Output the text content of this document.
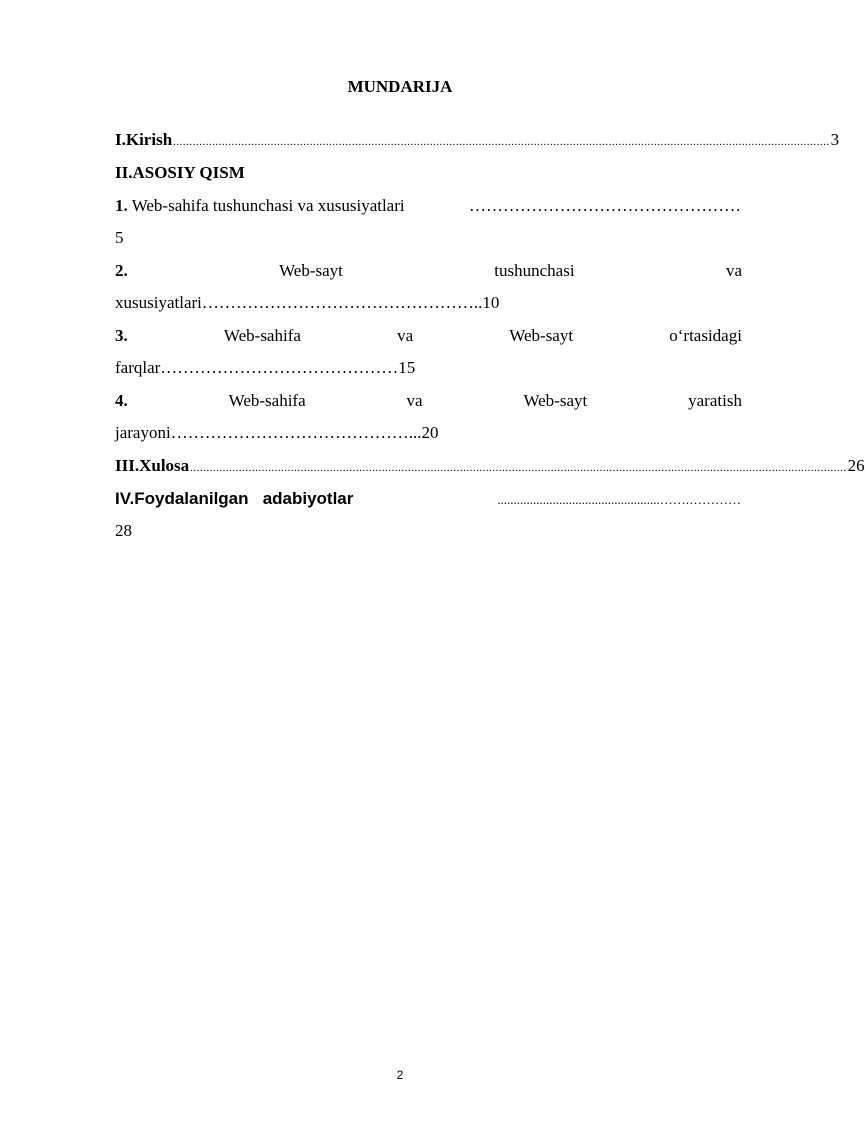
MUNDARIJA
I.Kirish .......................................................................................................................................................................................................... 3
II.ASOSIY QISM
1. Web-sahifa tushunchasi va xususiyatlari	…………………………………………
5
2.	Web-sayt	tushunchasi	va
xususiyatlari…………………………………………..10
3.	Web-sahifa	va	Web-sayt	o‘rtasidagi
farqlar……………………………………15
4.	Web-sahifa	va	Web-sayt	yaratish
jarayoni……………………………………...20
III.Xulosa .......................................................................................................................................................................................................... 26
IV.Foydalanilgan   adabiyotlar	..................................................…….…………
28
2
